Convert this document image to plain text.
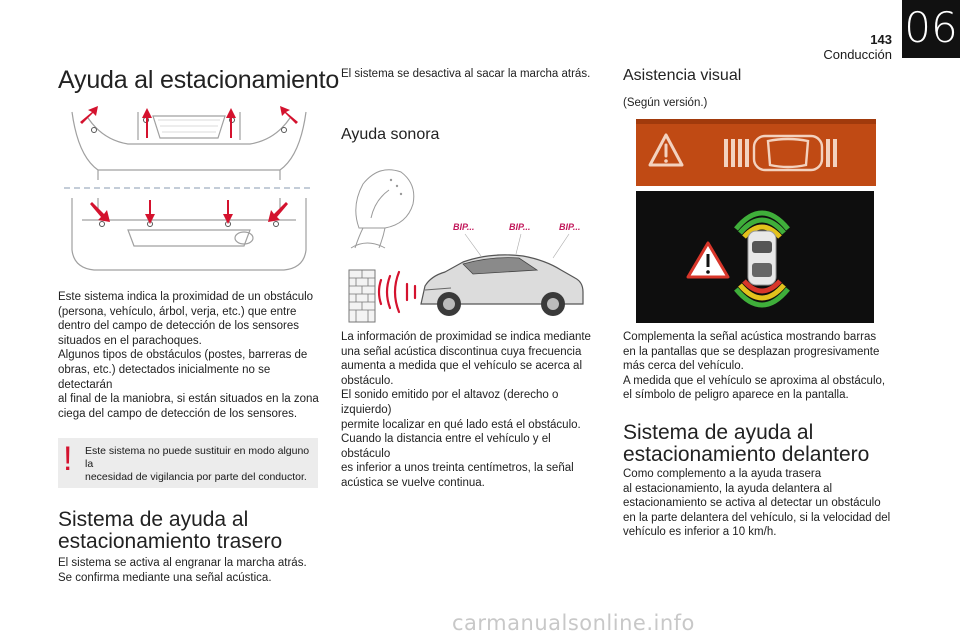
06
143
Conducción
Ayuda al estacionamiento
Este sistema indica la proximidad de un obstáculo
(persona, vehículo, árbol, verja, etc.) que entre
dentro del campo de detección de los sensores
situados en el parachoques.
Algunos tipos de obstáculos (postes, barreras de
obras, etc.) detectados inicialmente no se detectarán
al final de la maniobra, si están situados en la zona
ciega del campo de detección de los sensores.
! Este sistema no puede sustituir en modo alguno la
necesidad de vigilancia por parte del conductor.
Sistema de ayuda al
estacionamiento trasero
El sistema se activa al engranar la marcha atrás.
Se confirma mediante una señal acústica.
El sistema se desactiva al sacar la marcha atrás.
Ayuda sonora
BIP...	BIP...	BIP...
La información de proximidad se indica mediante
una señal acústica discontinua cuya frecuencia
aumenta a medida que el vehículo se acerca al
obstáculo.
El sonido emitido por el altavoz (derecho o izquierdo)
permite localizar en qué lado está el obstáculo.
Cuando la distancia entre el vehículo y el obstáculo
es inferior a unos treinta centímetros, la señal
acústica se vuelve continua.
Asistencia visual
(Según versión.)
Complementa la señal acústica mostrando barras
en la pantallas que se desplazan progresivamente
más cerca del vehículo.
A medida que el vehículo se aproxima al obstáculo,
el símbolo de peligro aparece en la pantalla.
Sistema de ayuda al
estacionamiento delantero
Como complemento a la ayuda trasera
al estacionamiento, la ayuda delantera al
estacionamiento se activa al detectar un obstáculo
en la parte delantera del vehículo, si la velocidad del
vehículo es inferior a 10 km/h.
carmanualsonline.info
